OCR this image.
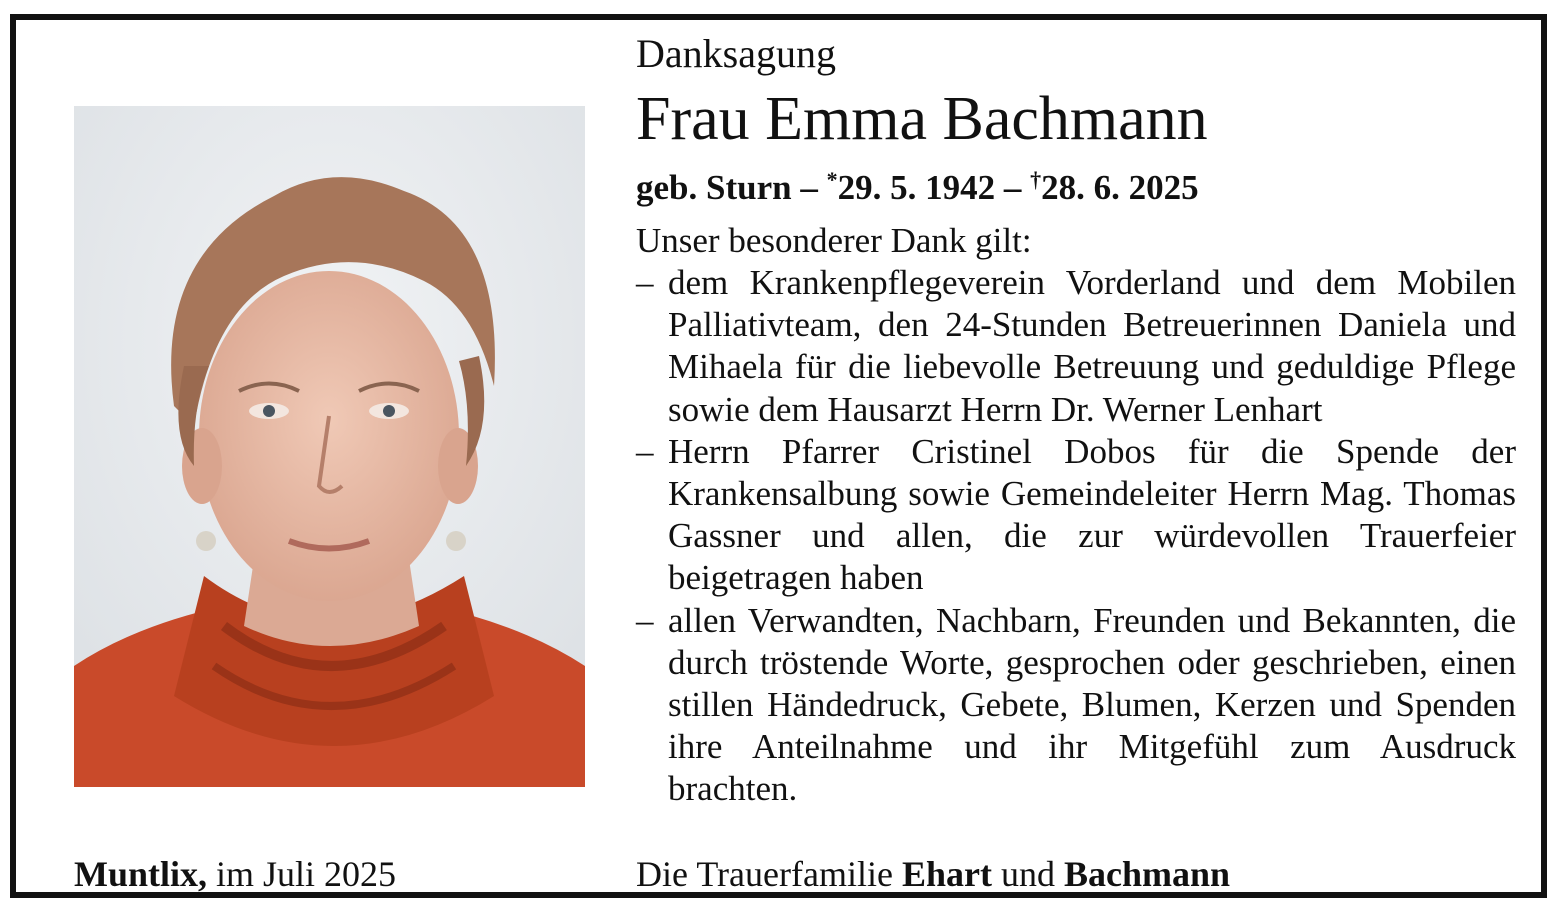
Muntlix, im Juli 2025
Danksagung
Frau Emma Bachmann
geb. Sturn – *29. 5. 1942 – †28. 6. 2025
Unser besonderer Dank gilt:
– dem Krankenpflegeverein Vorderland und dem Mobilen Palliativteam, den 24-Stunden Betreuerinnen Daniela und Mihaela für die liebevolle Betreuung und geduldige Pflege sowie dem Hausarzt Herrn Dr. Werner Lenhart
– Herrn Pfarrer Cristinel Dobos für die Spende der Krankensalbung sowie Gemeindeleiter Herrn Mag. Thomas Gassner und allen, die zur würdevollen Trauerfeier beigetragen haben
– allen Verwandten, Nachbarn, Freunden und Bekannten, die durch tröstende Worte, gesprochen oder geschrieben, einen stillen Händedruck, Gebete, Blumen, Kerzen und Spenden ihre Anteilnahme und ihr Mitgefühl zum Ausdruck brachten.
Die Trauerfamilie Ehart und Bachmann
